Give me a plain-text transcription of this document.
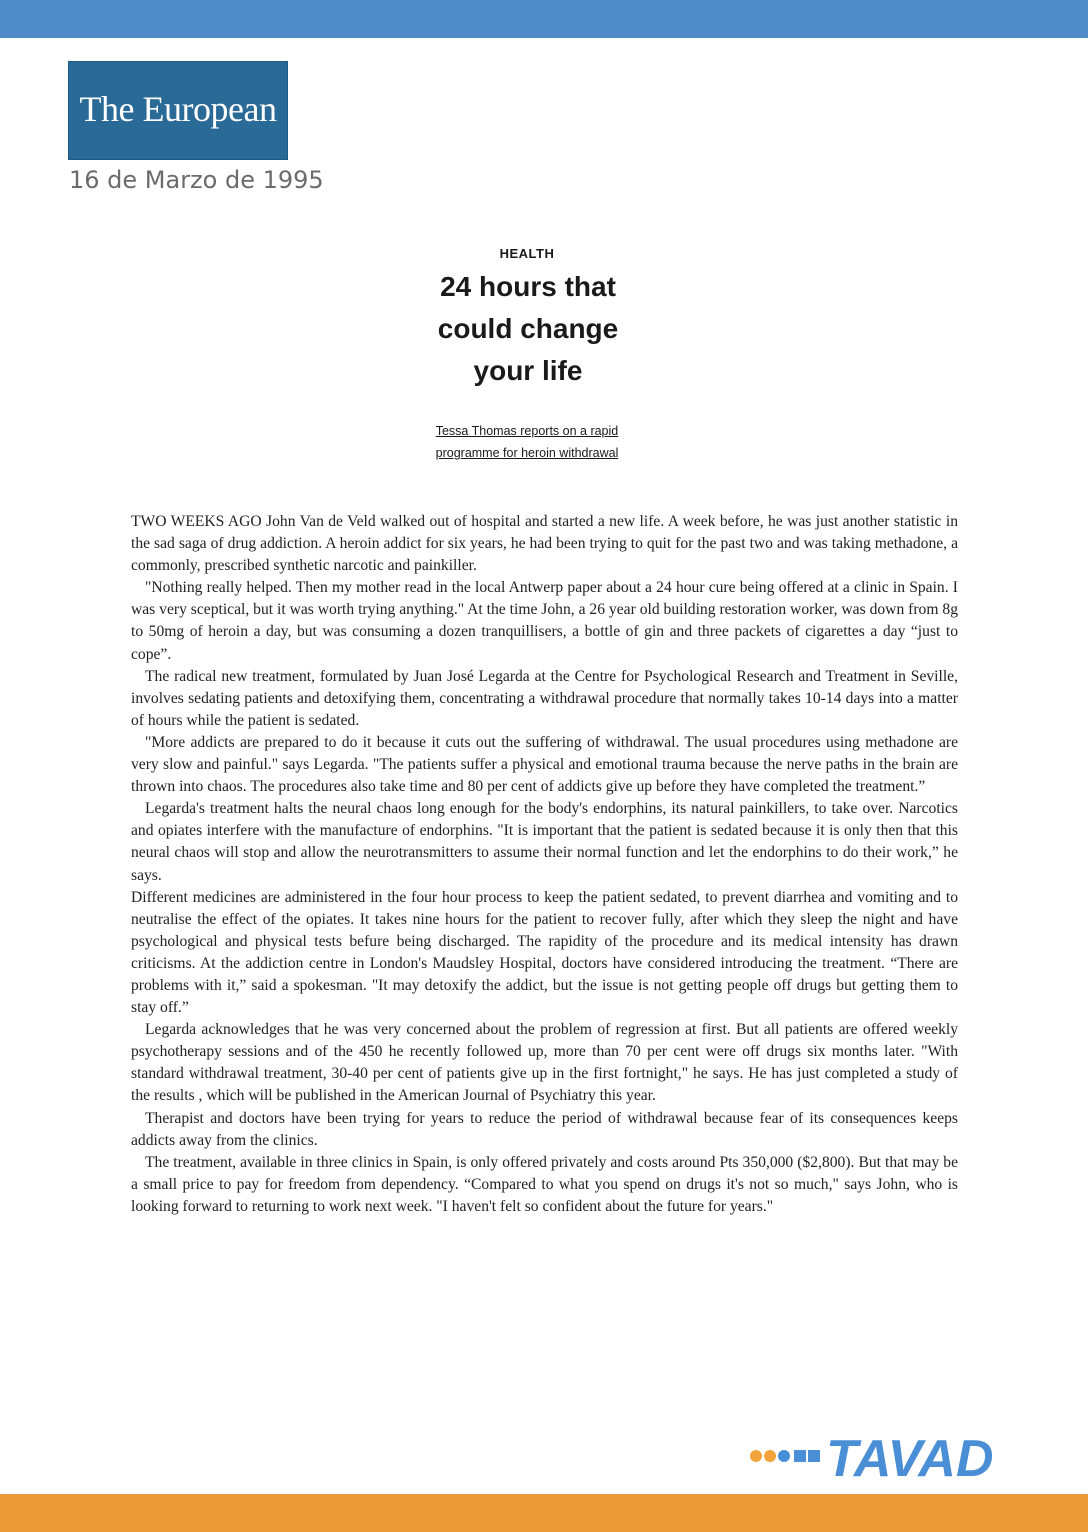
The European
16 de Marzo de 1995
HEALTH
24 hours that
could change
your life
Tessa Thomas reports on a rapid
programme for heroin withdrawal

TWO WEEKS AGO John Van de Veld walked out of hospital and started a new life. A week before, he was just another statistic in the sad saga of drug addiction. A heroin addict for six years, he had been trying to quit for the past two and was taking methadone, a commonly, prescribed synthetic narcotic and painkiller.

"Nothing really helped. Then my mother read in the local Antwerp paper about a 24 hour cure being offered at a clinic in Spain. I was very sceptical, but it was worth trying anything." At the time John, a 26 year old building restoration worker, was down from 8g to 50mg of heroin a day, but was consuming a dozen tranquillisers, a bottle of gin and three packets of cigarettes a day “just to cope”.

The radical new treatment, formulated by Juan José Legarda at the Centre for Psychological Research and Treatment in Seville, involves sedating patients and detoxifying them, concentrating a withdrawal procedure that normally takes 10-14 days into a matter of hours while the patient is sedated.

"More addicts are prepared to do it because it cuts out the suffering of withdrawal. The usual procedures using methadone are very slow and painful." says Legarda. "The patients suffer a physical and emotional trauma because the nerve paths in the brain are thrown into chaos. The procedures also take time and 80 per cent of addicts give up before they have completed the treatment.”

Legarda's treatment halts the neural chaos long enough for the body's endorphins, its natural painkillers, to take over. Narcotics and opiates interfere with the manufacture of endorphins. "It is important that the patient is sedated because it is only then that this neural chaos will stop and allow the neurotransmitters to assume their normal function and let the endorphins to do their work,” he says.

Different medicines are administered in the four hour process to keep the patient sedated, to prevent diarrhea and vomiting and to neutralise the effect of the opiates. It takes nine hours for the patient to recover fully, after which they sleep the night and have psychological and physical tests befure being discharged. The rapidity of the procedure and its medical intensity has drawn criticisms. At the addiction centre in London's Maudsley Hospital, doctors have considered introducing the treatment. “There are problems with it,” said a spokesman. "It may detoxify the addict, but the issue is not getting people off drugs but getting them to stay off.”

Legarda acknowledges that he was very concerned about the problem of regression at first. But all patients are offered weekly psychotherapy sessions and of the 450 he recently followed up, more than 70 per cent were off drugs six months later. "With standard withdrawal treatment, 30-40 per cent of patients give up in the first fortnight," he says. He has just completed a study of the results , which will be published in the American Journal of Psychiatry this year.

Therapist and doctors have been trying for years to reduce the period of withdrawal because fear of its consequences keeps addicts away from the clinics.

The treatment, available in three clinics in Spain, is only offered privately and costs around Pts 350,000 ($2,800). But that may be a small price to pay for freedom from dependency. “Compared to what you spend on drugs it's not so much," says John, who is looking forward to returning to work next week. "I haven't felt so confident about the future for years."

TAVAD
